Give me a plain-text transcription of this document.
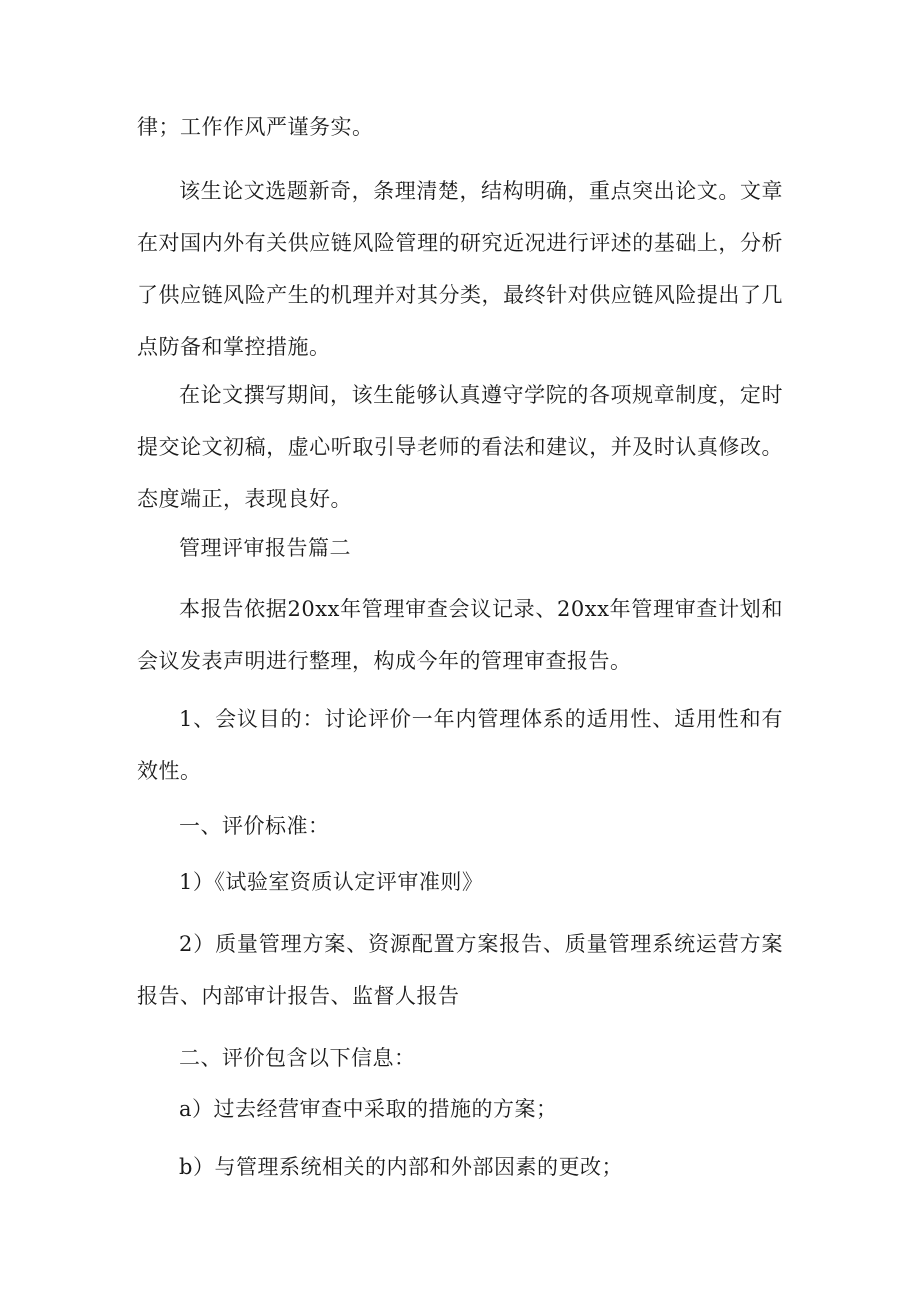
律；工作作风严谨务实。

该生论文选题新奇，条理清楚，结构明确，重点突出论文。文章在对国内外有关供应链风险管理的研究近况进行评述的基础上，分析了供应链风险产生的机理并对其分类，最终针对供应链风险提出了几点防备和掌控措施。

在论文撰写期间，该生能够认真遵守学院的各项规章制度，定时提交论文初稿，虚心听取引导老师的看法和建议，并及时认真修改。态度端正，表现良好。

管理评审报告篇二

本报告依据20xx年管理审查会议记录、20xx年管理审查计划和会议发表声明进行整理，构成今年的管理审查报告。

1、会议目的：讨论评价一年内管理体系的适用性、适用性和有效性。

一、评价标准：

1）《试验室资质认定评审准则》

2）质量管理方案、资源配置方案报告、质量管理系统运营方案报告、内部审计报告、监督人报告

二、评价包含以下信息：

a）过去经营审查中采取的措施的方案；

b）与管理系统相关的内部和外部因素的更改；
